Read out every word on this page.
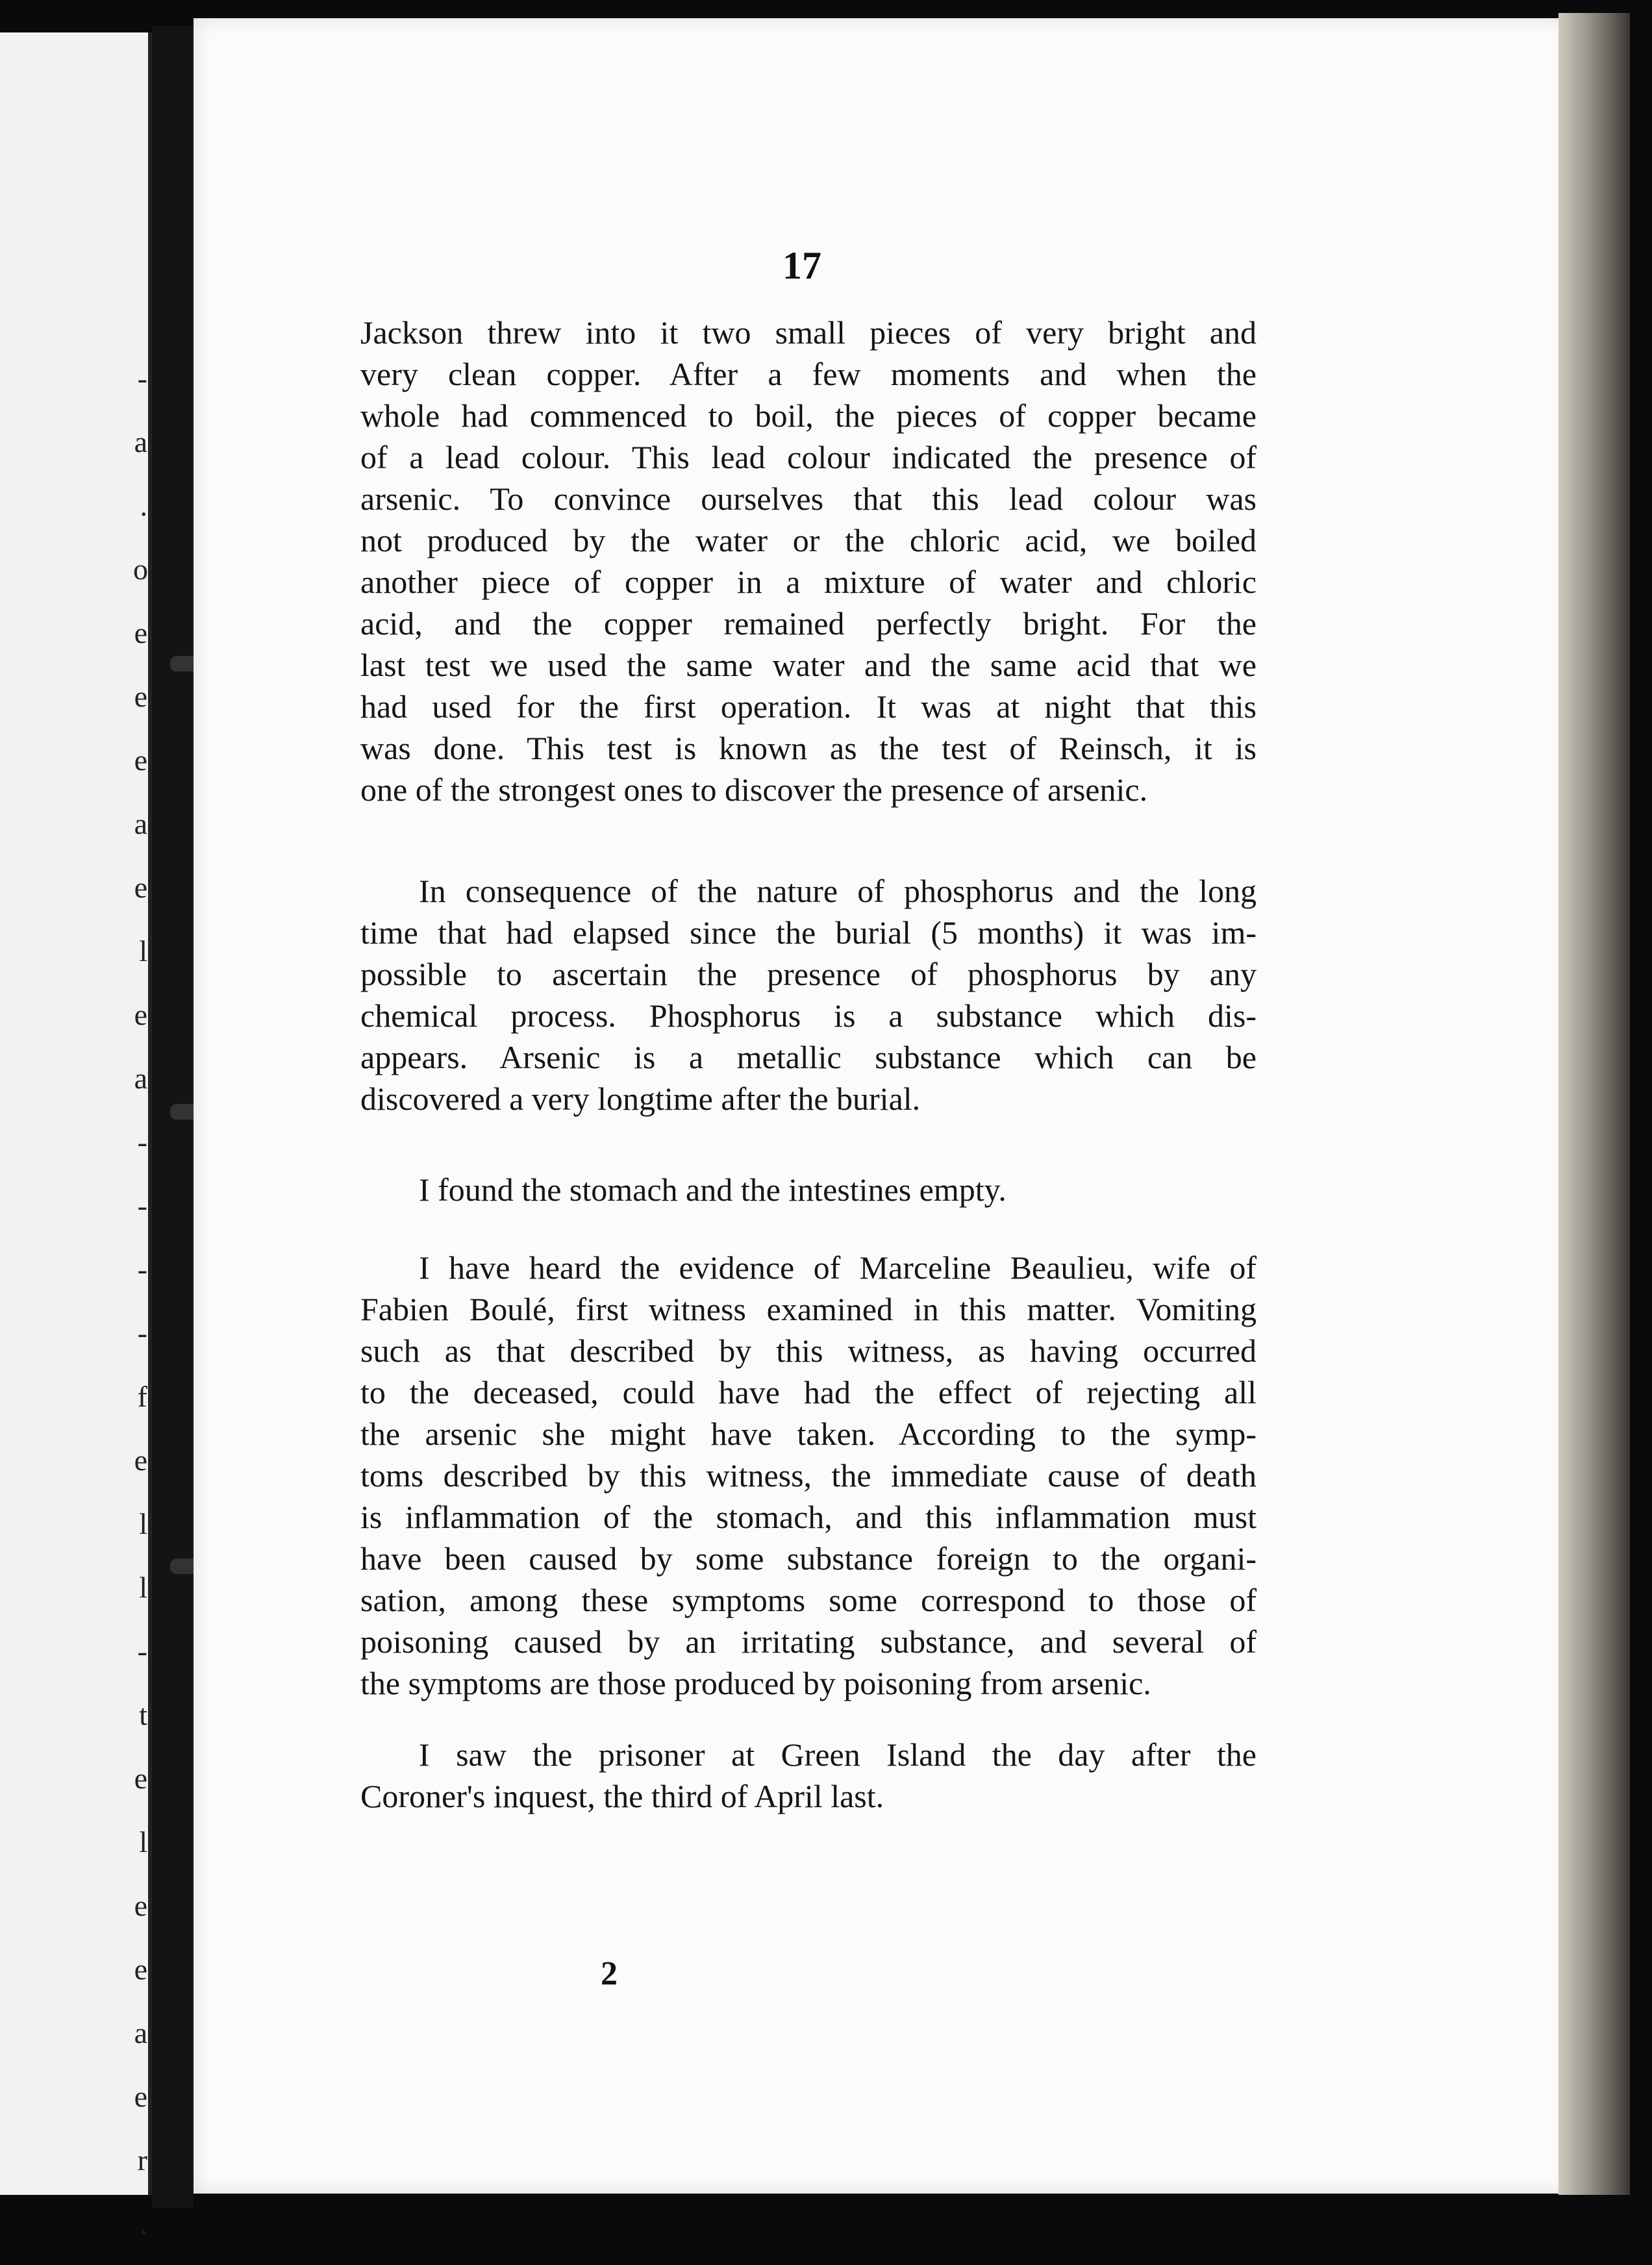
-
a
.
o
e
e
e
a
e
l
e
a
-
-
-
-
f
e
l
l
-
t
e
l
e
e
a
e
r
.
17
Jackson threw into it two small pieces of very bright and
very clean copper. After a few moments and when the
whole had commenced to boil, the pieces of copper became
of a lead colour. This lead colour indicated the presence of
arsenic. To convince ourselves that this lead colour was
not produced by the water or the chloric acid, we boiled
another piece of copper in a mixture of water and chloric
acid, and the copper remained perfectly bright. For the
last test we used the same water and the same acid that we
had used for the first operation. It was at night that this
was done. This test is known as the test of Reinsch, it is
one of the strongest ones to discover the presence of arsenic.
In consequence of the nature of phosphorus and the long
time that had elapsed since the burial (5 months) it was im-
possible to ascertain the presence of phosphorus by any
chemical process. Phosphorus is a substance which dis-
appears. Arsenic is a metallic substance which can be
discovered a very longtime after the burial.
I found the stomach and the intestines empty.
I have heard the evidence of Marceline Beaulieu, wife of
Fabien Boulé, first witness examined in this matter. Vomiting
such as that described by this witness, as having occurred
to the deceased, could have had the effect of rejecting all
the arsenic she might have taken. According to the symp-
toms described by this witness, the immediate cause of death
is inflammation of the stomach, and this inflammation must
have been caused by some substance foreign to the organi-
sation, among these symptoms some correspond to those of
poisoning caused by an irritating substance, and several of
the symptoms are those produced by poisoning from arsenic.
I saw the prisoner at Green Island the day after the
Coroner's inquest, the third of April last.
2
